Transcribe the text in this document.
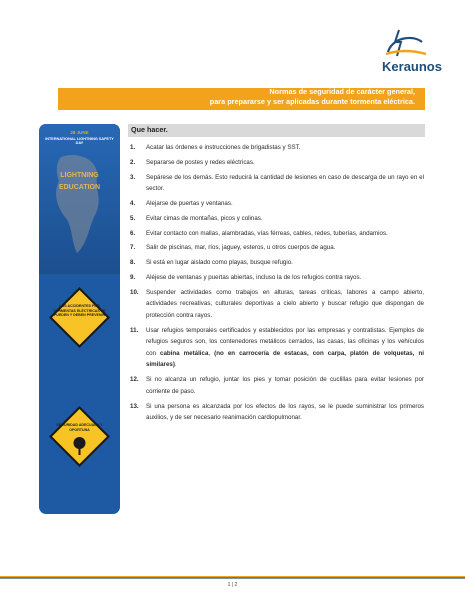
Keraunos
Normas de seguridad de carácter general,
para prepararse y ser aplicadas durante tormenta eléctrica.
28 JUNE
INTERNATIONAL LIGHTNING SAFETY DAY
LIGHTNING
EDUCATION
LOS ACCIDENTES POR TORMENTAS ELÉCTRICAS SE PUEDEN Y DEBEN PREVENIR
SEGURIDAD ADECUADA Y OPORTUNA
Que hacer.
1. Acatar las órdenes e instrucciones de brigadistas y SST.
2. Separarse de postes y redes eléctricas.
3. Sepárese de los demás. Esto reducirá la cantidad de lesiones en caso de descarga de un rayo en el sector.
4. Alejarse de puertas y ventanas.
5. Evitar cimas de montañas, picos y colinas.
6. Evitar contacto con mallas, alambradas, vías férreas, cables, redes, tuberías, andamios.
7. Salir de piscinas, mar, ríos, jaguey, esteros, u otros cuerpos de agua.
8. Si está en lugar aislado como playas, busque refugio.
9. Aléjese de ventanas y puertas abiertas, incluso la de los refugios contra rayos.
10. Suspender actividades como trabajos en alturas, tareas críticas, labores a campo abierto, actividades recreativas, culturales deportivas a cielo abierto y buscar refugio que dispongan de protección contra rayos.
11. Usar refugios temporales certificados y establecidos por las empresas y contratistas. Ejemplos de refugios seguros son, los contenedores metálicos cerrados, las casas, las oficinas y los vehículos con cabina metálica, (no en carrocería de estacas, con carpa, platón de volquetas, ni similares).
12. Si no alcanza un refugio, juntar los pies y tomar posición de cuclillas para evitar lesiones por corriente de paso.
13. Si una persona es alcanzada por los efectos de los rayos, se le puede suministrar los primeros auxilios, y de ser necesario reanimación cardiopulmonar.
1 | 2
